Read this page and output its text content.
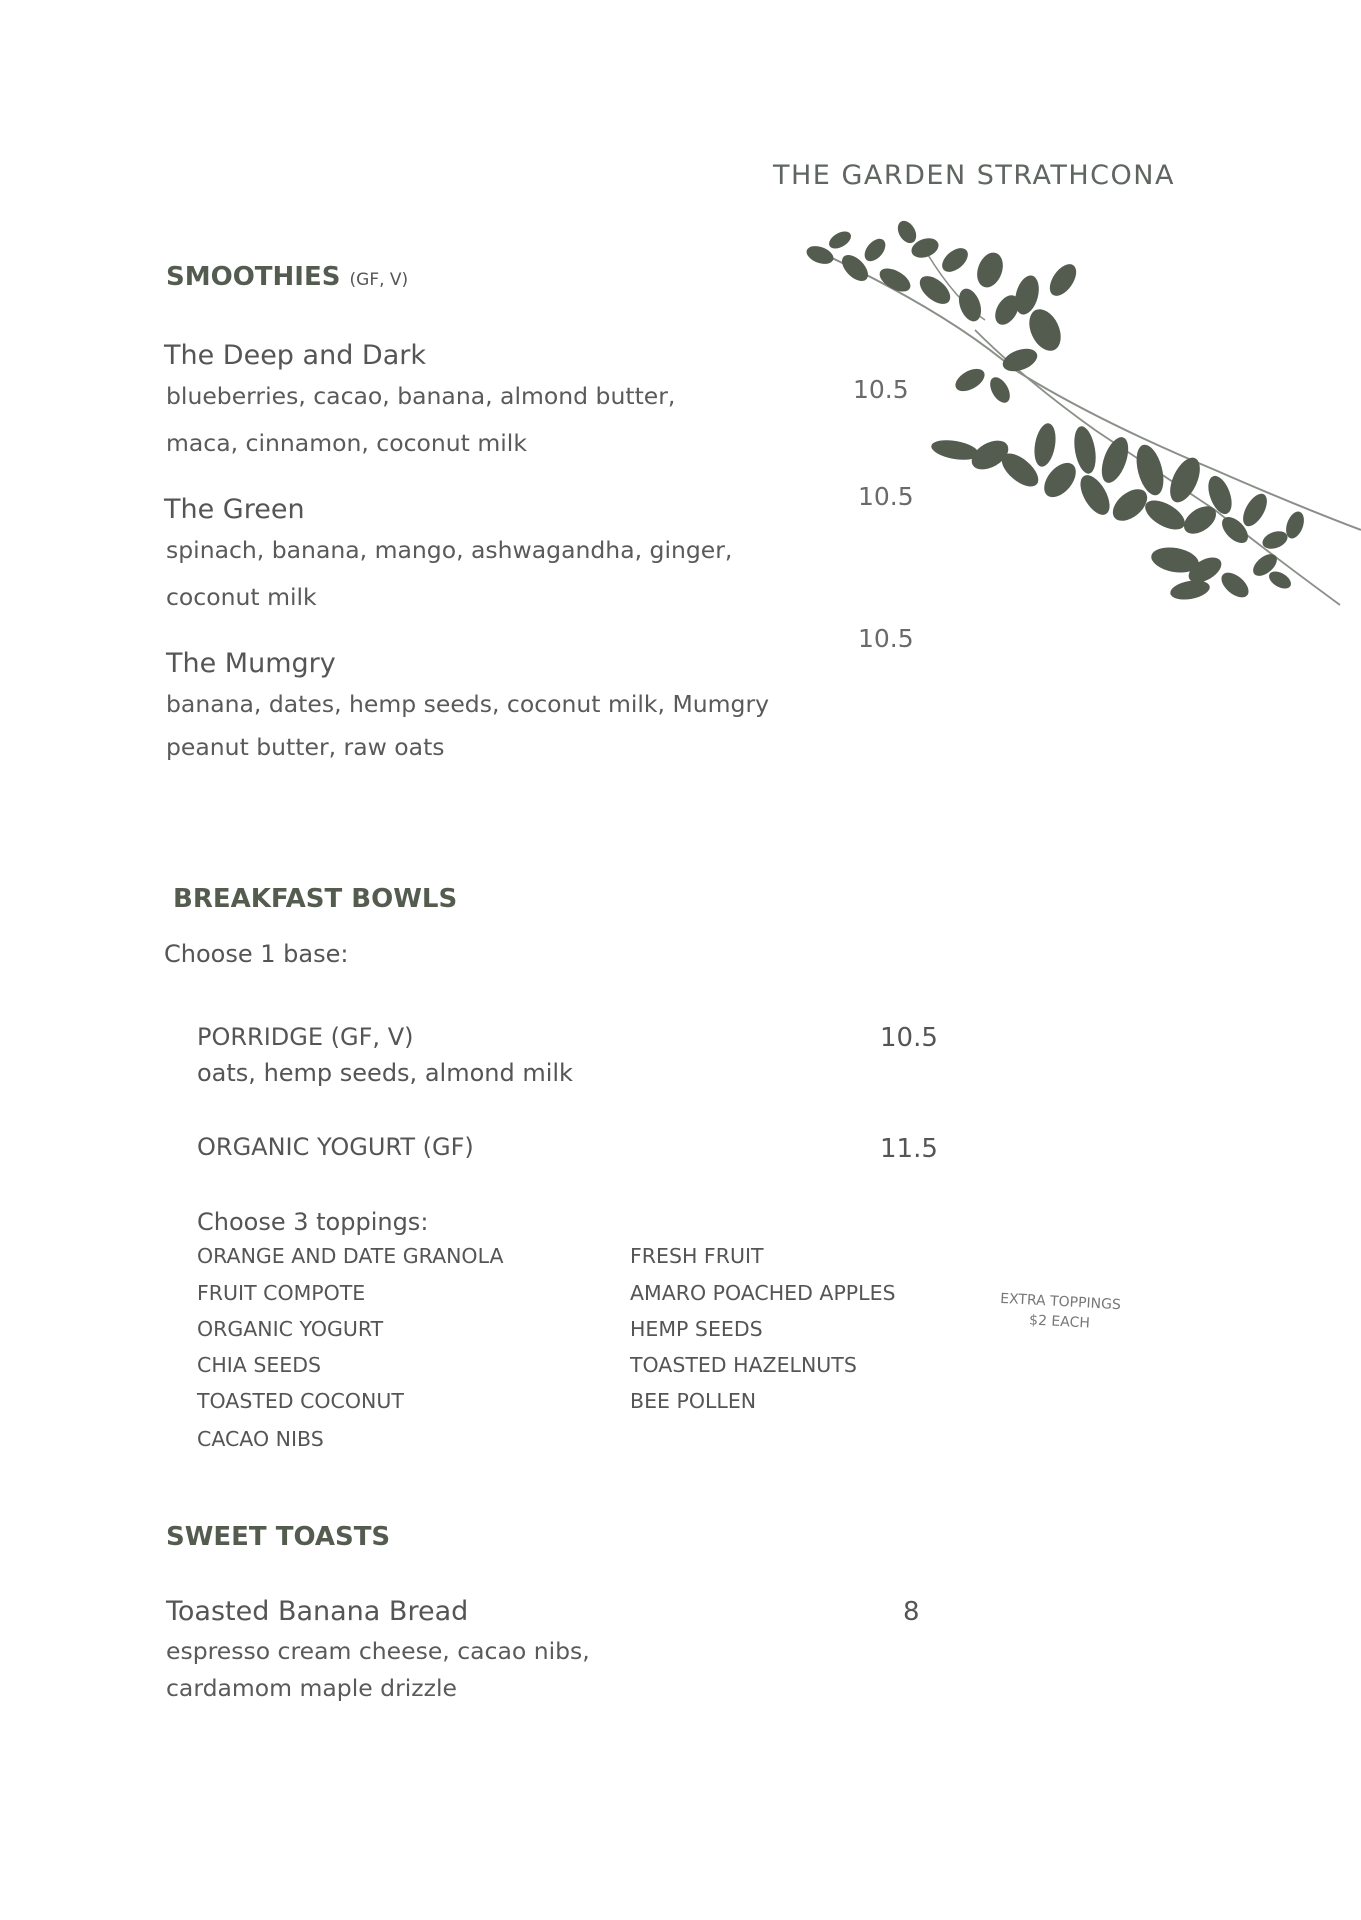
THE GARDEN STRATHCONA
SMOOTHIES (GF, V)
The Deep and Dark
blueberries, cacao, banana, almond butter,
maca, cinnamon, coconut milk
10.5
The Green
spinach, banana, mango, ashwagandha, ginger,
coconut milk
10.5
The Mumgry
banana, dates, hemp seeds, coconut milk, Mumgry
peanut butter, raw oats
10.5
BREAKFAST BOWLS
Choose 1 base:
PORRIDGE (GF, V)
oats, hemp seeds, almond milk
10.5
ORGANIC YOGURT (GF)	11.5
Choose 3 toppings:
ORANGE AND DATE GRANOLA
FRUIT COMPOTE
ORGANIC YOGURT
CHIA SEEDS
TOASTED COCONUT
CACAO NIBS
FRESH FRUIT
AMARO POACHED APPLES
HEMP SEEDS
TOASTED HAZELNUTS
BEE POLLEN
EXTRA TOPPINGS
$2 EACH
SWEET TOASTS
Toasted Banana Bread
espresso cream cheese, cacao nibs,
cardamom maple drizzle
8
